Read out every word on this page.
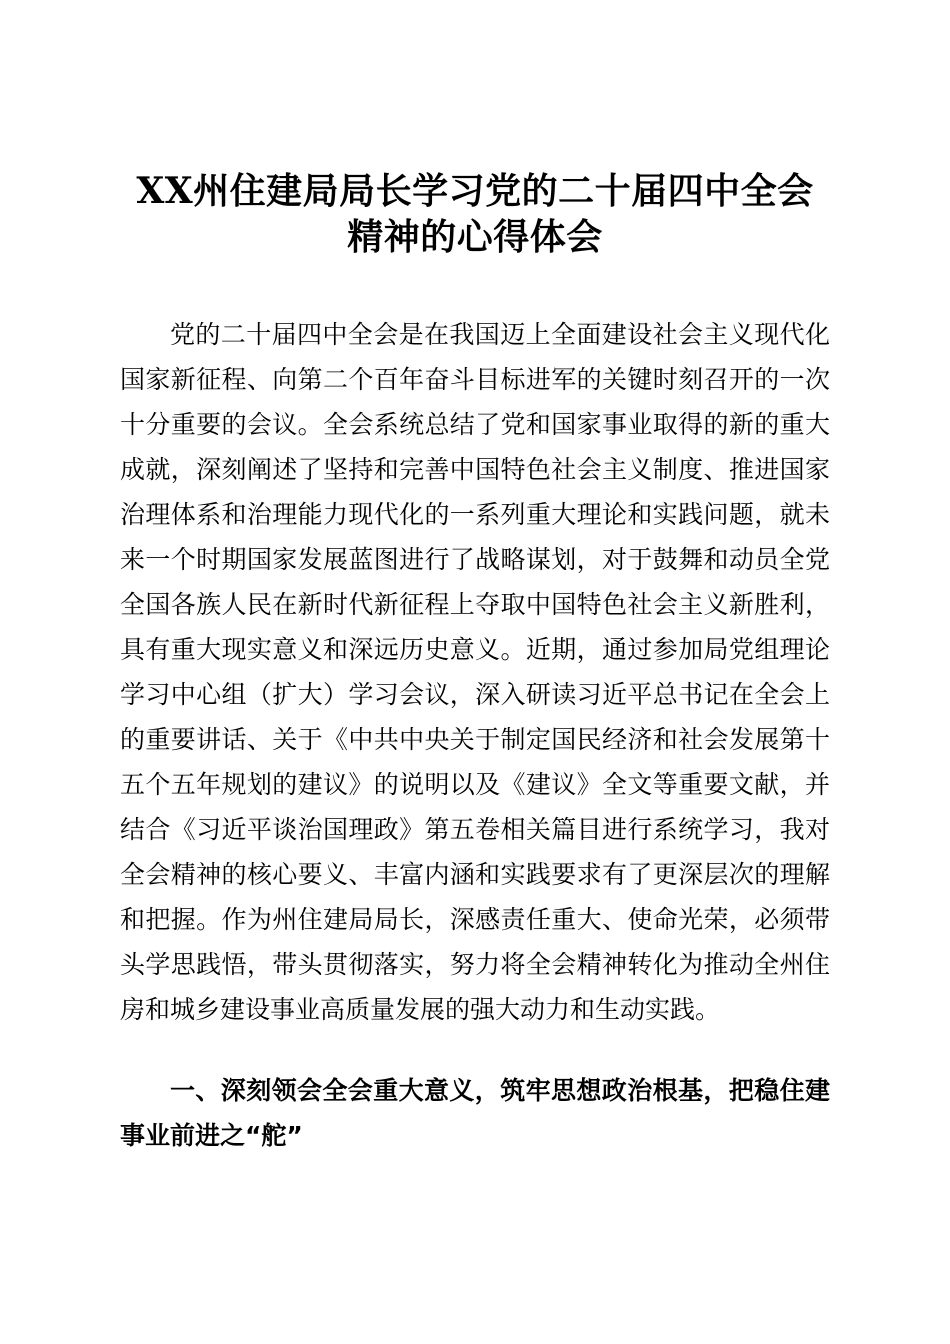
XX州住建局局长学习党的二十届四中全会精神的心得体会

党的二十届四中全会是在我国迈上全面建设社会主义现代化国家新征程、向第二个百年奋斗目标进军的关键时刻召开的一次十分重要的会议。全会系统总结了党和国家事业取得的新的重大成就，深刻阐述了坚持和完善中国特色社会主义制度、推进国家治理体系和治理能力现代化的一系列重大理论和实践问题，就未来一个时期国家发展蓝图进行了战略谋划，对于鼓舞和动员全党全国各族人民在新时代新征程上夺取中国特色社会主义新胜利，具有重大现实意义和深远历史意义。近期，通过参加局党组理论学习中心组（扩大）学习会议，深入研读习近平总书记在全会上的重要讲话、关于《中共中央关于制定国民经济和社会发展第十五个五年规划的建议》的说明以及《建议》全文等重要文献，并结合《习近平谈治国理政》第五卷相关篇目进行系统学习，我对全会精神的核心要义、丰富内涵和实践要求有了更深层次的理解和把握。作为州住建局局长，深感责任重大、使命光荣，必须带头学思践悟，带头贯彻落实，努力将全会精神转化为推动全州住房和城乡建设事业高质量发展的强大动力和生动实践。

一、深刻领会全会重大意义，筑牢思想政治根基，把稳住建事业前进之“舵”
